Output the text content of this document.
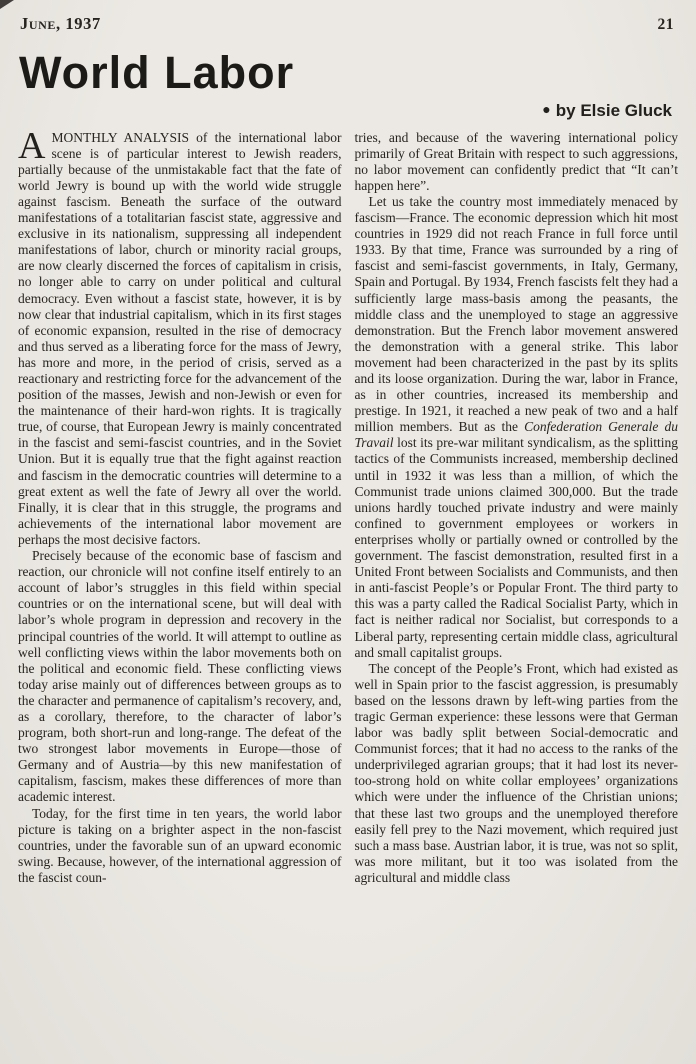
June, 1937	21
World Labor
● by Elsie Gluck

AMONTHLY ANALYSIS of the international labor scene is of particular interest to Jewish readers, partially because of the unmistakable fact that the fate of world Jewry is bound up with the world wide struggle against fascism. Beneath the surface of the outward manifestations of a totalitarian fascist state, aggressive and exclusive in its nationalism, suppressing all independent manifestations of labor, church or minority racial groups, are now clearly discerned the forces of capitalism in crisis, no longer able to carry on under political and cultural democracy. Even without a fascist state, however, it is by now clear that industrial capitalism, which in its first stages of economic expansion, resulted in the rise of democracy and thus served as a liberating force for the mass of Jewry, has more and more, in the period of crisis, served as a reactionary and restricting force for the advancement of the position of the masses, Jewish and non-Jewish or even for the maintenance of their hard-won rights. It is tragically true, of course, that European Jewry is mainly concentrated in the fascist and semi-fascist countries, and in the Soviet Union. But it is equally true that the fight against reaction and fascism in the democratic countries will determine to a great extent as well the fate of Jewry all over the world. Finally, it is clear that in this struggle, the programs and achievements of the international labor movement are perhaps the most decisive factors.

Precisely because of the economic base of fascism and reaction, our chronicle will not confine itself entirely to an account of labor’s struggles in this field within special countries or on the international scene, but will deal with labor’s whole program in depression and recovery in the principal countries of the world. It will attempt to outline as well conflicting views within the labor movements both on the political and economic field. These conflicting views today arise mainly out of differences between groups as to the character and permanence of capitalism’s recovery, and, as a corollary, therefore, to the character of labor’s program, both short-run and long-range. The defeat of the two strongest labor movements in Europe—those of Germany and of Austria—by this new manifestation of capitalism, fascism, makes these differences of more than academic interest.

Today, for the first time in ten years, the world labor picture is taking on a brighter aspect in the non-fascist countries, under the favorable sun of an upward economic swing. Because, however, of the international aggression of the fascist coun-

tries, and because of the wavering international policy primarily of Great Britain with respect to such aggressions, no labor movement can confidently predict that “It can’t happen here”.

Let us take the country most immediately menaced by fascism—France. The economic depression which hit most countries in 1929 did not reach France in full force until 1933. By that time, France was surrounded by a ring of fascist and semi-fascist governments, in Italy, Germany, Spain and Portugal. By 1934, French fascists felt they had a sufficiently large mass-basis among the peasants, the middle class and the unemployed to stage an aggressive demonstration. But the French labor movement answered the demonstration with a general strike. This labor movement had been characterized in the past by its splits and its loose organization. During the war, labor in France, as in other countries, increased its membership and prestige. In 1921, it reached a new peak of two and a half million members. But as the Confederation Generale du Travail lost its pre-war militant syndicalism, as the splitting tactics of the Communists increased, membership declined until in 1932 it was less than a million, of which the Communist trade unions claimed 300,000. But the trade unions hardly touched private industry and were mainly confined to government employees or workers in enterprises wholly or partially owned or controlled by the government. The fascist demonstration, resulted first in a United Front between Socialists and Communists, and then in anti-fascist People’s or Popular Front. The third party to this was a party called the Radical Socialist Party, which in fact is neither radical nor Socialist, but corresponds to a Liberal party, representing certain middle class, agricultural and small capitalist groups.

The concept of the People’s Front, which had existed as well in Spain prior to the fascist aggression, is presumably based on the lessons drawn by left-wing parties from the tragic German experience: these lessons were that German labor was badly split between Social-democratic and Communist forces; that it had no access to the ranks of the underprivileged agrarian groups; that it had lost its never-too-strong hold on white collar employees’ organizations which were under the influence of the Christian unions; that these last two groups and the unemployed therefore easily fell prey to the Nazi movement, which required just such a mass base. Austrian labor, it is true, was not so split, was more militant, but it too was isolated from the agricultural and middle class
